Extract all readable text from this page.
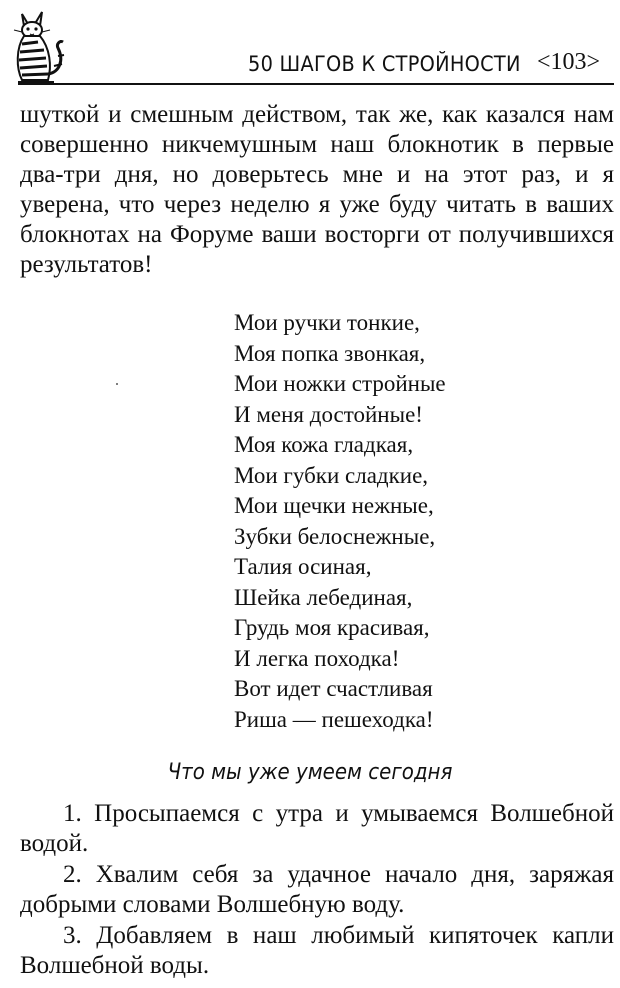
50 ШАГОВ К СТРОЙНОСТИ <103>

шуткой и смешным действом, так же, как казался нам совершенно никчемушным наш блокнотик в первые два-три дня, но доверьтесь мне и на этот раз, и я уверена, что через неделю я уже буду читать в ваших блокнотах на Форуме ваши восторги от получившихся результатов!

Мои ручки тонкие,
Моя попка звонкая,
Мои ножки стройные
И меня достойные!
Моя кожа гладкая,
Мои губки сладкие,
Мои щечки нежные,
Зубки белоснежные,
Талия осиная,
Шейка лебединая,
Грудь моя красивая,
И легка походка!
Вот идет счастливая
Риша — пешеходка!
Что мы уже умеем сегодня
1. Просыпаемся с утра и умываемся Волшебной водой.
2. Хвалим себя за удачное начало дня, заряжая добрыми словами Волшебную воду.
3. Добавляем в наш любимый кипяточек капли Волшебной воды.
